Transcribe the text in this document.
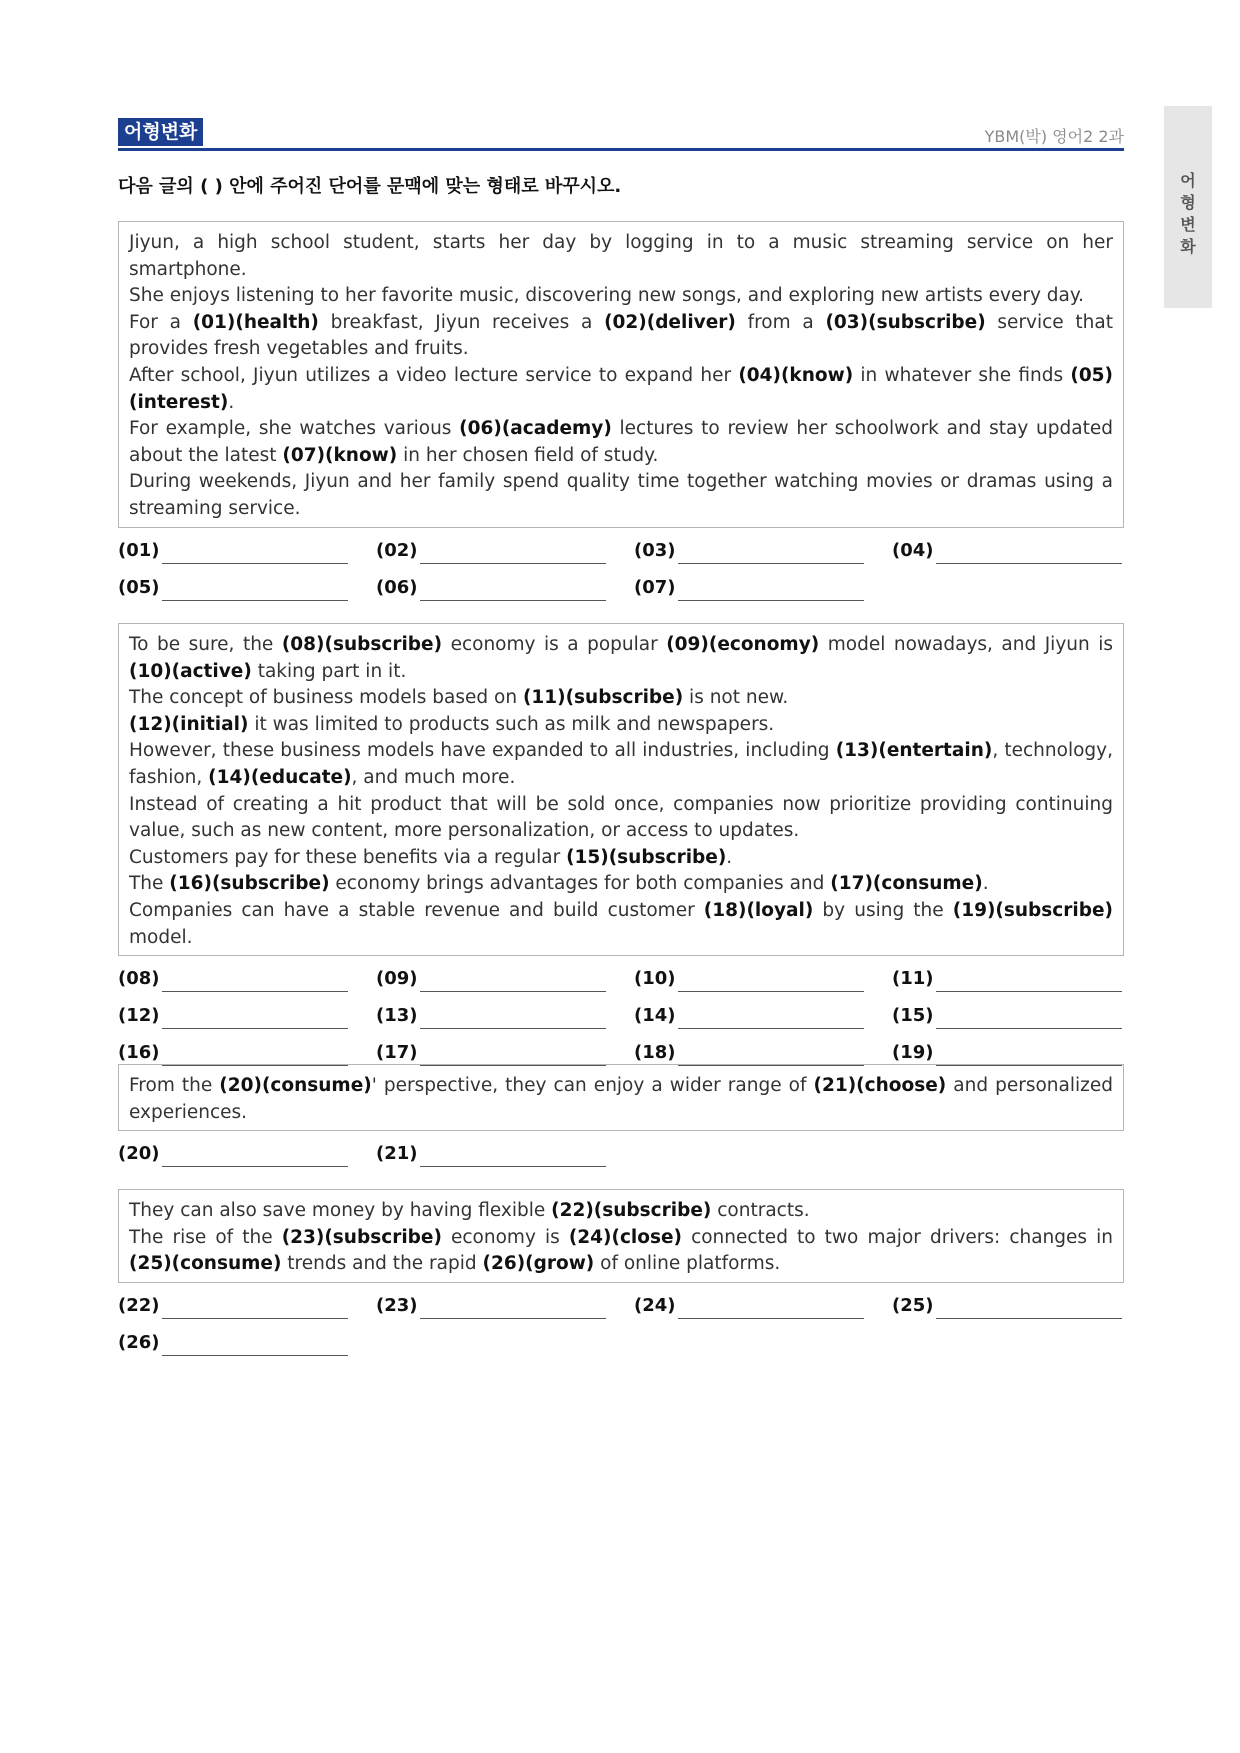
어형변화	YBM(박) 영어2 2과
어
형
변
화
다음 글의 ( ) 안에 주어진 단어를 문맥에 맞는 형태로 바꾸시오.

Jiyun, a high school student, starts her day by logging in to a music streaming service on her smartphone.

She enjoys listening to her favorite music, discovering new songs, and exploring new artists every day.

For a (01)(health) breakfast, Jiyun receives a (02)(deliver) from a (03)(subscribe) service that provides fresh vegetables and fruits.

After school, Jiyun utilizes a video lecture service to expand her (04)(know) in whatever she finds (05)(interest).

For example, she watches various (06)(academy) lectures to review her schoolwork and stay updated about the latest (07)(know) in her chosen field of study.

During weekends, Jiyun and her family spend quality time together watching movies or dramas using a streaming service.

(01)	(02)	(03)	(04)
(05)	(06)	(07)

To be sure, the (08)(subscribe) economy is a popular (09)(economy) model nowadays, and Jiyun is (10)(active) taking part in it.

The concept of business models based on (11)(subscribe) is not new.

(12)(initial) it was limited to products such as milk and newspapers.

However, these business models have expanded to all industries, including (13)(entertain), technology, fashion, (14)(educate), and much more.

Instead of creating a hit product that will be sold once, companies now prioritize providing continuing value, such as new content, more personalization, or access to updates.

Customers pay for these benefits via a regular (15)(subscribe).

The (16)(subscribe) economy brings advantages for both companies and (17)(consume).

Companies can have a stable revenue and build customer (18)(loyal) by using the (19)(subscribe) model.

(08)	(09)	(10)	(11)
(12)	(13)	(14)	(15)
(16)	(17)	(18)	(19)

From the (20)(consume)' perspective, they can enjoy a wider range of (21)(choose) and personalized experiences.

(20)	(21)

They can also save money by having flexible (22)(subscribe) contracts.

The rise of the (23)(subscribe) economy is (24)(close) connected to two major drivers: changes in (25)(consume) trends and the rapid (26)(grow) of online platforms.

(22)	(23)	(24)	(25)
(26)
